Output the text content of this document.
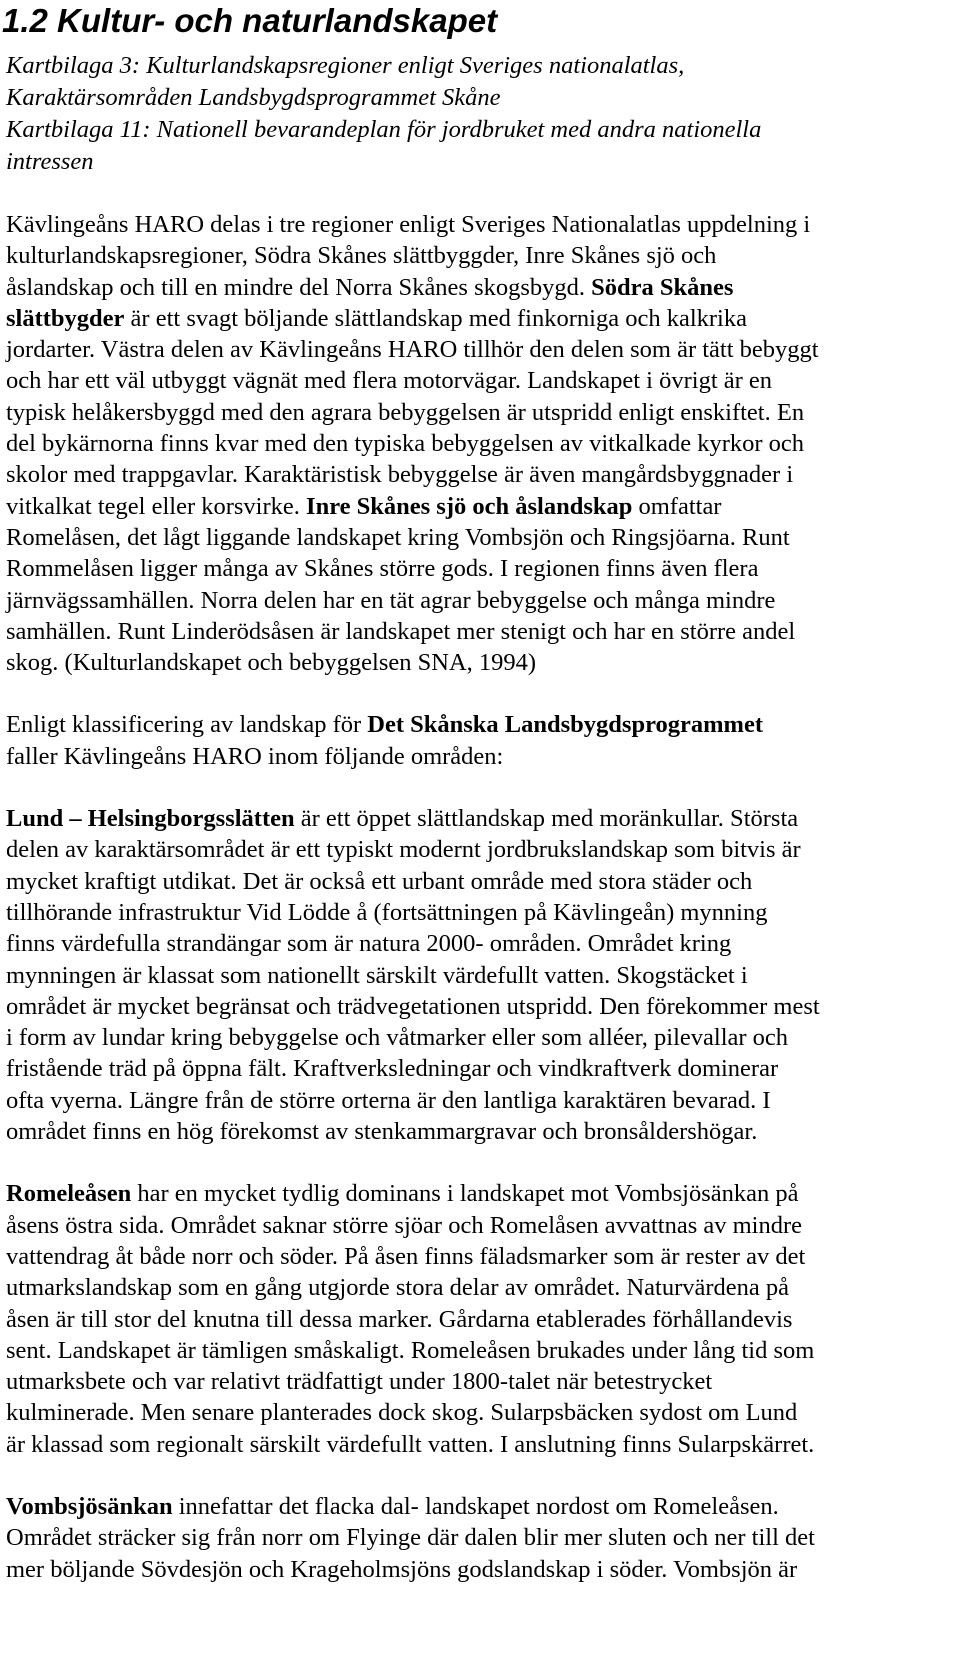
1.2 Kultur- och naturlandskapet
Kartbilaga 3: Kulturlandskapsregioner enligt Sveriges nationalatlas,
Karaktärsområden Landsbygdsprogrammet Skåne
Kartbilaga 11: Nationell bevarandeplan för jordbruket med andra nationella
intressen

Kävlingeåns HARO delas i tre regioner enligt Sveriges Nationalatlas uppdelning i
kulturlandskapsregioner, Södra Skånes slättbyggder, Inre Skånes sjö och
åslandskap och till en mindre del Norra Skånes skogsbygd. Södra Skånes
slättbygder är ett svagt böljande slättlandskap med finkorniga och kalkrika
jordarter. Västra delen av Kävlingeåns HARO tillhör den delen som är tätt bebyggt
och har ett väl utbyggt vägnät med flera motorvägar. Landskapet i övrigt är en
typisk helåkersbyggd med den agrara bebyggelsen är utspridd enligt enskiftet. En
del bykärnorna finns kvar med den typiska bebyggelsen av vitkalkade kyrkor och
skolor med trappgavlar. Karaktäristisk bebyggelse är även mangårdsbyggnader i
vitkalkat tegel eller korsvirke. Inre Skånes sjö och åslandskap omfattar
Romelåsen, det lågt liggande landskapet kring Vombsjön och Ringsjöarna. Runt
Rommelåsen ligger många av Skånes större gods. I regionen finns även flera
järnvägssamhällen. Norra delen har en tät agrar bebyggelse och många mindre
samhällen. Runt Linderödsåsen är landskapet mer stenigt och har en större andel
skog. (Kulturlandskapet och bebyggelsen SNA, 1994)

Enligt klassificering av landskap för Det Skånska Landsbygdsprogrammet
faller Kävlingeåns HARO inom följande områden:

Lund – Helsingborgsslätten är ett öppet slättlandskap med moränkullar. Största
delen av karaktärsområdet är ett typiskt modernt jordbrukslandskap som bitvis är
mycket kraftigt utdikat. Det är också ett urbant område med stora städer och
tillhörande infrastruktur Vid Lödde å (fortsättningen på Kävlingeån) mynning
finns värdefulla strandängar som är natura 2000- områden. Området kring
mynningen är klassat som nationellt särskilt värdefullt vatten. Skogstäcket i
området är mycket begränsat och trädvegetationen utspridd. Den förekommer mest
i form av lundar kring bebyggelse och våtmarker eller som alléer, pilevallar och
fristående träd på öppna fält. Kraftverksledningar och vindkraftverk dominerar
ofta vyerna. Längre från de större orterna är den lantliga karaktären bevarad. I
området finns en hög förekomst av stenkammargravar och bronsåldershögar.

Romeleåsen har en mycket tydlig dominans i landskapet mot Vombsjösänkan på
åsens östra sida. Området saknar större sjöar och Romelåsen avvattnas av mindre
vattendrag åt både norr och söder. På åsen finns fäladsmarker som är rester av det
utmarkslandskap som en gång utgjorde stora delar av området. Naturvärdena på
åsen är till stor del knutna till dessa marker. Gårdarna etablerades förhållandevis
sent. Landskapet är tämligen småskaligt. Romeleåsen brukades under lång tid som
utmarksbete och var relativt trädfattigt under 1800-talet när betestrycket
kulminerade. Men senare planterades dock skog. Sularpsbäcken sydost om Lund
är klassad som regionalt särskilt värdefullt vatten. I anslutning finns Sularpskärret.

Vombsjösänkan innefattar det flacka dal- landskapet nordost om Romeleåsen.
Området sträcker sig från norr om Flyinge där dalen blir mer sluten och ner till det
mer böljande Sövdesjön och Krageholmsjöns godslandskap i söder. Vombsjön är
